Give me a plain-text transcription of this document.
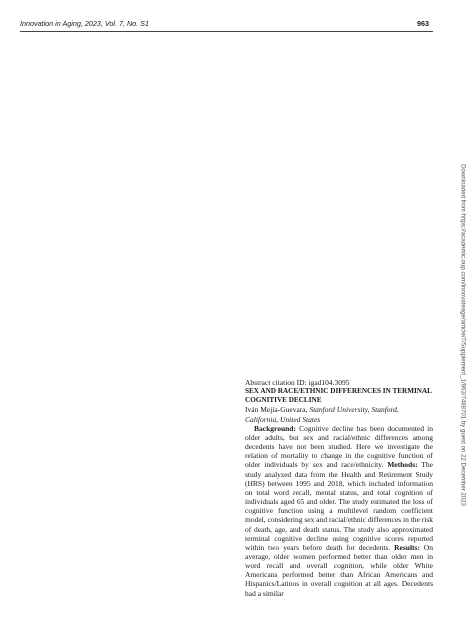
Innovation in Aging, 2023, Vol. 7, No. S1	963
Downloaded from https://academic.oup.com/innovateage/article/7/Supplement_1/963/7488701 by guest on 22 December 2023

Abstract citation ID: igad104.3095

SEX AND RACE/ETHNIC DIFFERENCES IN TERMINAL COGNITIVE DECLINE

Iván Mejía-Guevara, Stanford University, Stanford, California, United States

Background: Cognitive decline has been documented in older adults, but sex and racial/ethnic differences among decedents have not been studied. Here we investigate the relation of mortality to change in the cognitive function of older individuals by sex and race/ethnicity. Methods: The study analyzed data from the Health and Retirement Study (HRS) between 1995 and 2018, which included information on total word recall, mental status, and total cognition of individuals aged 65 and older. The study estimated the loss of cognitive function using a multilevel random coefficient model, considering sex and racial/ethnic differences in the risk of death, age, and death status. The study also approximated terminal cognitive decline using cognitive scores reported within two years before death for decedents. Results: On average, older women performed better than older men in word recall and overall cognition, while older White Americans performed better than African Americans and Hispanics/Latinos in overall cognition at all ages. Decedents had a similar
